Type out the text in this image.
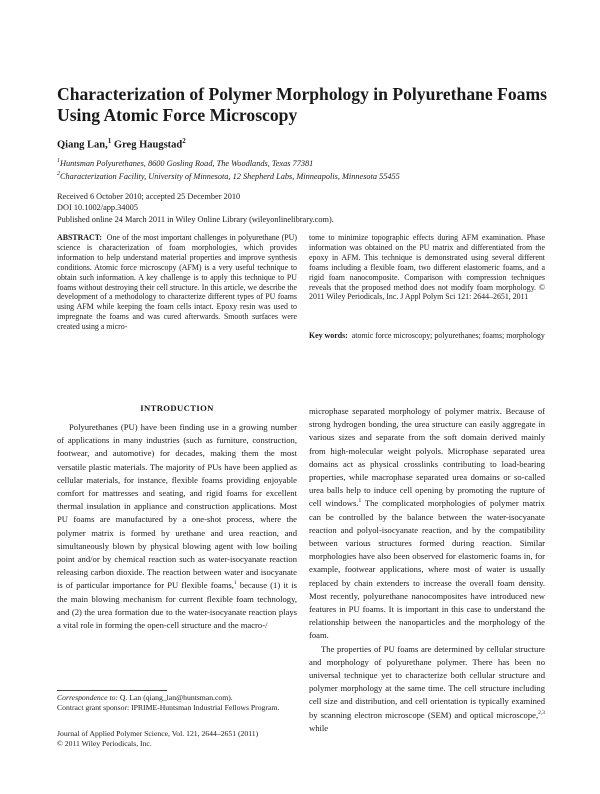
Characterization of Polymer Morphology in Polyurethane Foams Using Atomic Force Microscopy
Qiang Lan,$^1$ Greg Haugstad$^2$
$^1$Huntsman Polyurethanes, 8600 Gosling Road, The Woodlands, Texas 77381
$^2$Characterization Facility, University of Minnesota, 12 Shepherd Labs, Minneapolis, Minnesota 55455
Received 6 October 2010; accepted 25 December 2010
DOI 10.1002/app.34005
Published online 24 March 2011 in Wiley Online Library (wileyonlinelibrary.com).
ABSTRACT: One of the most important challenges in polyurethane (PU) science is characterization of foam morphologies, which provides information to help understand material properties and improve synthesis conditions. Atomic force microscopy (AFM) is a very useful technique to obtain such information. A key challenge is to apply this technique to PU foams without destroying their cell structure. In this article, we describe the development of a methodology to characterize different types of PU foams using AFM while keeping the foam cells intact. Epoxy resin was used to impregnate the foams and was cured afterwards. Smooth surfaces were created using a micro-
tome to minimize topographic effects during AFM examination. Phase information was obtained on the PU matrix and differentiated from the epoxy in AFM. This technique is demonstrated using several different foams including a flexible foam, two different elastomeric foams, and a rigid foam nanocomposite. Comparison with compression techniques reveals that the proposed method does not modify foam morphology. © 2011 Wiley Periodicals, Inc. J Appl Polym Sci 121: 2644–2651, 2011
Key words: atomic force microscopy; polyurethanes; foams; morphology
INTRODUCTION

Polyurethanes (PU) have been finding use in a growing number of applications in many industries (such as furniture, construction, footwear, and automotive) for decades, making them the most versatile plastic materials. The majority of PUs have been applied as cellular materials, for instance, flexible foams providing enjoyable comfort for mattresses and seating, and rigid foams for excellent thermal insulation in appliance and construction applications. Most PU foams are manufactured by a one-shot process, where the polymer matrix is formed by urethane and urea reaction, and simultaneously blown by physical blowing agent with low boiling point and/or by chemical reaction such as water-isocyanate reaction releasing carbon dioxide. The reaction between water and isocyanate is of particular importance for PU flexible foams,$^1$ because (1) it is the main blowing mechanism for current flexible foam technology, and (2) the urea formation due to the water-isocyanate reaction plays a vital role in forming the open-cell structure and the macro-/

microphase separated morphology of polymer matrix. Because of strong hydrogen bonding, the urea structure can easily aggregate in various sizes and separate from the soft domain derived mainly from high-molecular weight polyols. Microphase separated urea domains act as physical crosslinks contributing to load-bearing properties, while macrophase separated urea domains or so-called urea balls help to induce cell opening by promoting the rupture of cell windows.$^1$ The complicated morphologies of polymer matrix can be controlled by the balance between the water-isocyanate reaction and polyol-isocyanate reaction, and by the compatibility between various structures formed during reaction. Similar morphologies have also been observed for elastomeric foams in, for example, footwear applications, where most of water is usually replaced by chain extenders to increase the overall foam density. Most recently, polyurethane nanocomposites have introduced new features in PU foams. It is important in this case to understand the relationship between the nanoparticles and the morphology of the foam.

The properties of PU foams are determined by cellular structure and morphology of polyurethane polymer. There has been no universal technique yet to characterize both cellular structure and polymer morphology at the same time. The cell structure including cell size and distribution, and cell orientation is typically examined by scanning electron microscope (SEM) and optical microscope,$^{2,3}$ while

Correspondence to: Q. Lan (qiang_lan@huntsman.com).
Contract grant sponsor: IPRIME-Huntsman Industrial Fellows Program.
Journal of Applied Polymer Science, Vol. 121, 2644–2651 (2011)
© 2011 Wiley Periodicals, Inc.
